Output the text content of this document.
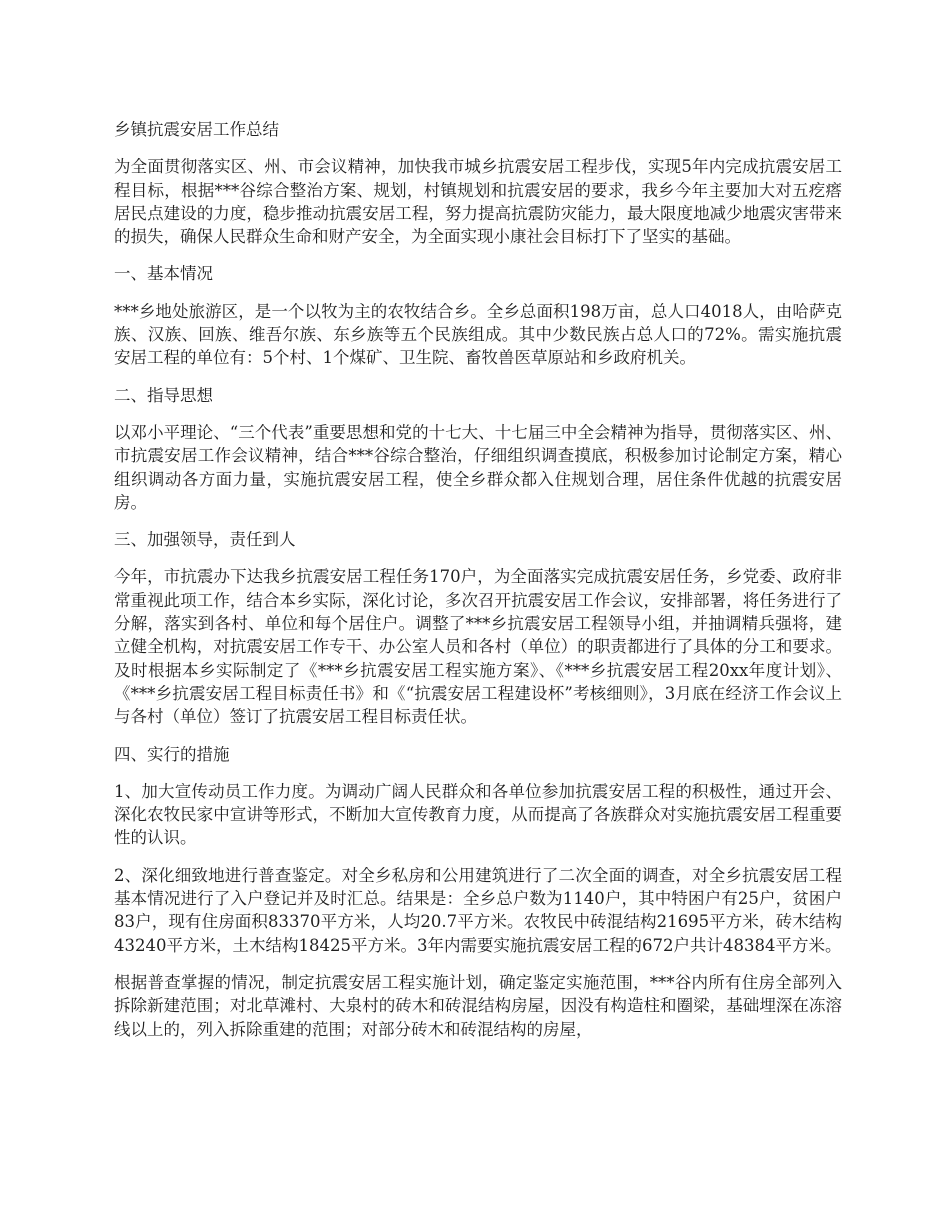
乡镇抗震安居工作总结

为全面贯彻落实区、州、市会议精神，加快我市城乡抗震安居工程步伐，实现5年内完成抗震安居工程目标，根据***谷综合整治方案、规划，村镇规划和抗震安居的要求，我乡今年主要加大对五疙瘩居民点建设的力度，稳步推动抗震安居工程，努力提高抗震防灾能力，最大限度地减少地震灾害带来的损失，确保人民群众生命和财产安全，为全面实现小康社会目标打下了坚实的基础。

一、基本情况

***乡地处旅游区，是一个以牧为主的农牧结合乡。全乡总面积198万亩，总人口4018人，由哈萨克族、汉族、回族、维吾尔族、东乡族等五个民族组成。其中少数民族占总人口的72%。需实施抗震安居工程的单位有：5个村、1个煤矿、卫生院、畜牧兽医草原站和乡政府机关。

二、指导思想

以邓小平理论、“三个代表”重要思想和党的十七大、十七届三中全会精神为指导，贯彻落实区、州、市抗震安居工作会议精神，结合***谷综合整治，仔细组织调查摸底，积极参加讨论制定方案，精心组织调动各方面力量，实施抗震安居工程，使全乡群众都入住规划合理，居住条件优越的抗震安居房。

三、加强领导，责任到人

今年，市抗震办下达我乡抗震安居工程任务170户，为全面落实完成抗震安居任务，乡党委、政府非常重视此项工作，结合本乡实际，深化讨论，多次召开抗震安居工作会议，安排部署，将任务进行了分解，落实到各村、单位和每个居住户。调整了***乡抗震安居工程领导小组，并抽调精兵强将，建立健全机构，对抗震安居工作专干、办公室人员和各村（单位）的职责都进行了具体的分工和要求。及时根据本乡实际制定了《***乡抗震安居工程实施方案》、《***乡抗震安居工程20xx年度计划》、《***乡抗震安居工程目标责任书》和《“抗震安居工程建设杯”考核细则》，3月底在经济工作会议上与各村（单位）签订了抗震安居工程目标责任状。

四、实行的措施

1、加大宣传动员工作力度。为调动广阔人民群众和各单位参加抗震安居工程的积极性，通过开会、深化农牧民家中宣讲等形式，不断加大宣传教育力度，从而提高了各族群众对实施抗震安居工程重要性的认识。

2、深化细致地进行普查鉴定。对全乡私房和公用建筑进行了二次全面的调查，对全乡抗震安居工程基本情况进行了入户登记并及时汇总。结果是：全乡总户数为1140户，其中特困户有25户，贫困户83户，现有住房面积83370平方米，人均20.7平方米。农牧民中砖混结构21695平方米，砖木结构43240平方米，土木结构18425平方米。3年内需要实施抗震安居工程的672户共计48384平方米。

根据普查掌握的情况，制定抗震安居工程实施计划，确定鉴定实施范围，***谷内所有住房全部列入拆除新建范围；对北草滩村、大泉村的砖木和砖混结构房屋，因没有构造柱和圈梁，基础埋深在冻溶线以上的，列入拆除重建的范围；对部分砖木和砖混结构的房屋，
